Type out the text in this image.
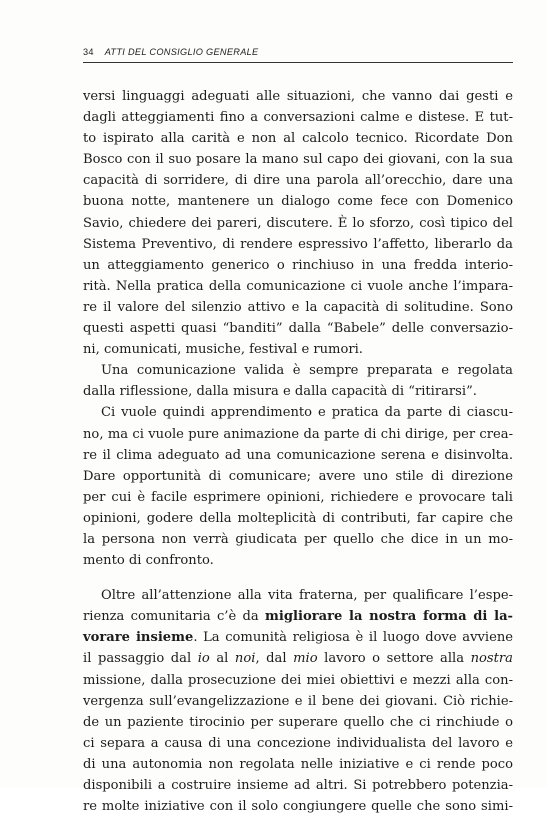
34 ATTI DEL CONSIGLIO GENERALE
versi linguaggi adeguati alle situazioni, che vanno dai gesti e
dagli atteggiamenti fino a conversazioni calme e distese. E tut-
to ispirato alla carità e non al calcolo tecnico. Ricordate Don
Bosco con il suo posare la mano sul capo dei giovani, con la sua
capacità di sorridere, di dire una parola all’orecchio, dare una
buona notte, mantenere un dialogo come fece con Domenico
Savio, chiedere dei pareri, discutere. È lo sforzo, così tipico del
Sistema Preventivo, di rendere espressivo l’affetto, liberarlo da
un atteggiamento generico o rinchiuso in una fredda interio-
rità. Nella pratica della comunicazione ci vuole anche l’impara-
re il valore del silenzio attivo e la capacità di solitudine. Sono
questi aspetti quasi “banditi” dalla “Babele” delle conversazio-
ni, comunicati, musiche, festival e rumori.
Una comunicazione valida è sempre preparata e regolata
dalla riflessione, dalla misura e dalla capacità di “ritirarsi”.
Ci vuole quindi apprendimento e pratica da parte di ciascu-
no, ma ci vuole pure animazione da parte di chi dirige, per crea-
re il clima adeguato ad una comunicazione serena e disinvolta.
Dare opportunità di comunicare; avere uno stile di direzione
per cui è facile esprimere opinioni, richiedere e provocare tali
opinioni, godere della molteplicità di contributi, far capire che
la persona non verrà giudicata per quello che dice in un mo-
mento di confronto.
Oltre all’attenzione alla vita fraterna, per qualificare l’espe-
rienza comunitaria c’è da migliorare la nostra forma di la-
vorare insieme. La comunità religiosa è il luogo dove avviene
il passaggio dal io al noi, dal mio lavoro o settore alla nostra
missione, dalla prosecuzione dei miei obiettivi e mezzi alla con-
vergenza sull’evangelizzazione e il bene dei giovani. Ciò richie-
de un paziente tirocinio per superare quello che ci rinchiude o
ci separa a causa di una concezione individualista del lavoro e
di una autonomia non regolata nelle iniziative e ci rende poco
disponibili a costruire insieme ad altri. Si potrebbero potenzia-
re molte iniziative con il solo congiungere quelle che sono simi-
